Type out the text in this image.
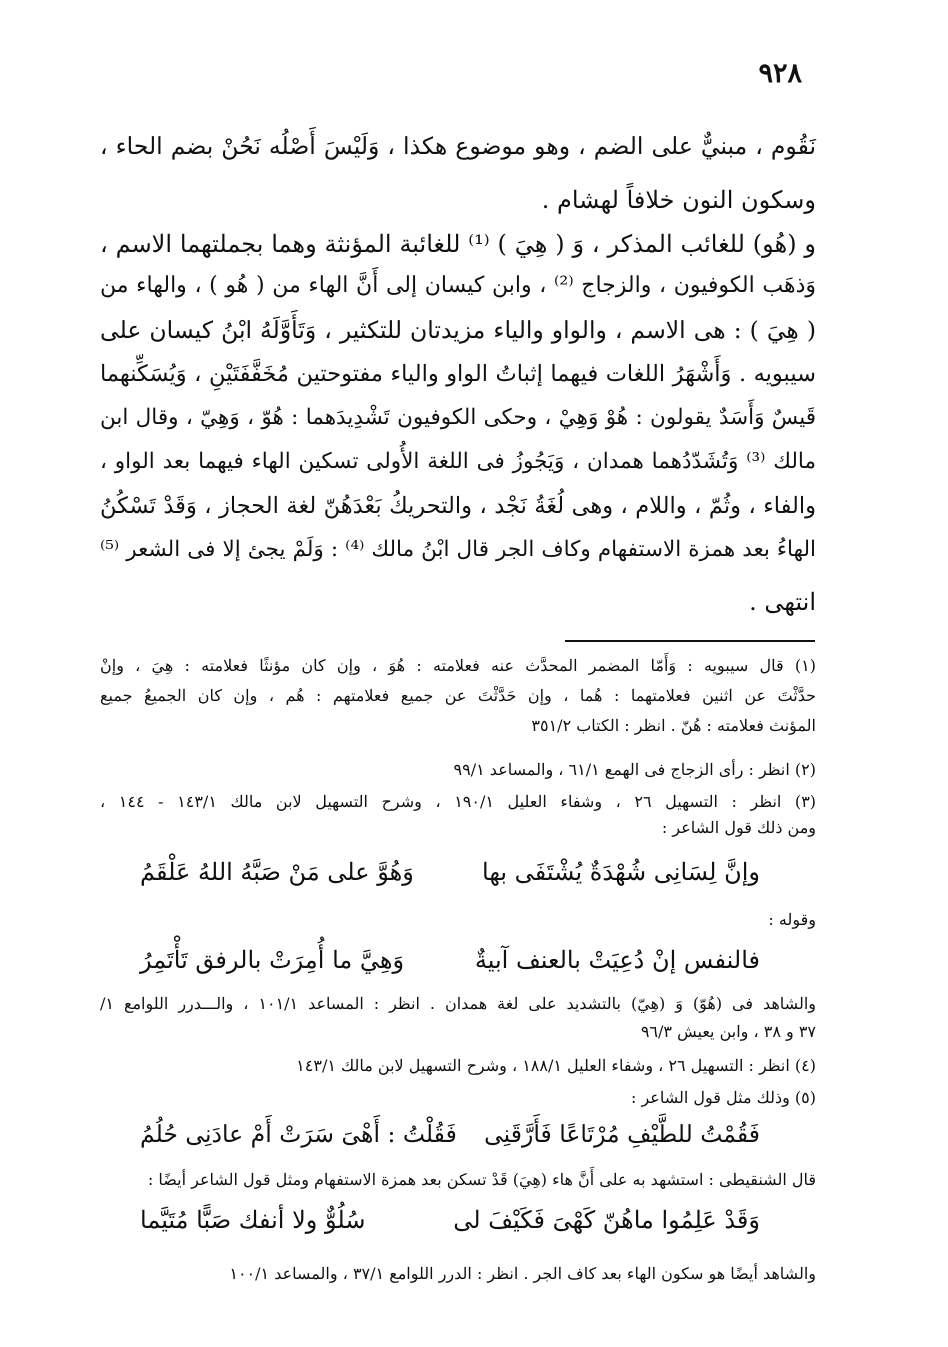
٩٢٨
نَقُوم ، مبنيٌّ على الضم ، وهو موضوع هكذا ، وَلَيْسَ أَصْلُه نَحُنْ بضم الحاء ،
وسكون النون خلافاً لهشام .
و (هُو) للغائب المذكر ، وَ ( هِيَ ) ⁽¹⁾ للغائبة المؤنثة وهما بجملتهما الاسم ،
وَذهَب الكوفيون ، والزجاج ⁽²⁾ ، وابن كيسان إلى أَنَّ الهاء من ( هُو ) ، والهاء من
( هِيَ ) : هى الاسم ، والواو والياء مزيدتان للتكثير ، وَتَأَوَّلَهُ ابْنُ كيسان على
سيبويه . وَأَشْهَرُ اللغات فيهما إثباتُ الواو والياء مفتوحتين مُخَفَّفَتَيْنِ ، وَيُسَكِّنهما
قَيسٌ وَأَسَدٌ يقولون : هُوْ وَهِيْ ، وحكى الكوفيون تَشْدِيدَهما : هُوّ ، وَهِيّ ، وقال ابن
مالك ⁽³⁾ وَتُشَدّدُهما همدان ، وَيَجُوزُ فى اللغة الأُولى تسكين الهاء فيهما بعد الواو ،
والفاء ، وثُمّ ، واللام ، وهى لُغَةُ نَجْد ، والتحريكُ بَعْدَهُنّ لغة الحجاز ، وَقَدْ تَسْكُنُ
الهاءُ بعد همزة الاستفهام وكاف الجر قال ابْنُ مالك ⁽⁴⁾ : وَلَمْ يجئ إلا فى الشعر ⁽⁵⁾
انتهى .
(١) قال سيبويه : وَأَمّا المضمر المحدَّث عنه فعلامته : هُوَ ، وإن كان مؤنثًا فعلامته : هِيَ ، وإنْ
حدَّثْتَ عن اثنين فعلامتهما : هُما ، وإن حَدَّثْتَ عن جميع فعلامتهم : هُم ، وإن كان الجميعُ جميع
المؤنث فعلامته : هُنّ . انظر : الكتاب ٣٥١/٢
(٢) انظر : رأى الزجاج فى الهمع ٦١/١ ، والمساعد ٩٩/١
(٣) انظر : التسهيل ٢٦ ، وشفاء العليل ١٩٠/١ ، وشرح التسهيل لابن مالك ١٤٣/١ - ١٤٤ ،
ومن ذلك قول الشاعر :
وإنَّ لِسَانِى شُهْدَةٌ يُشْتَفَى بها
وَهُوَّ على مَنْ صَبَّهُ اللهُ عَلْقَمُ
وقوله :
فالنفس إنْ دُعِيَتْ بالعنف آبيةٌ
وَهِيَّ ما أُمِرَتْ بالرفق تَأْتَمِرُ
والشاهد فى (هُوّ) وَ (هِيّ) بالتشديد على لغة همدان . انظر : المساعد ١٠١/١ ، والـــدرر اللوامع ١/
٣٧ و ٣٨ ، وابن يعيش ٩٦/٣
(٤) انظر : التسهيل ٢٦ ، وشفاء العليل ١٨٨/١ ، وشرح التسهيل لابن مالك ١٤٣/١
(٥) وذلك مثل قول الشاعر :
فَقُمْتُ للطَّيْفِ مُرْتَاعًا فَأَرَّقَنِى
فَقُلْتُ : أَهْىَ سَرَتْ أَمْ عادَنِى حُلُمُ
قال الشنقيطى : استشهد به على أَنَّ هاء (هِيَ) قَدْ تسكن بعد همزة الاستفهام ومثل قول الشاعر أيضًا :
وَقَدْ عَلِمُوا ماهُنّ كَهْىَ فَكَيْفَ لى
سُلُوٌّ ولا أنفك صَبًّا مُتَيَّما
والشاهد أيضًا هو سكون الهاء بعد كاف الجر . انظر : الدرر اللوامع ٣٧/١ ، والمساعد ١٠٠/١
